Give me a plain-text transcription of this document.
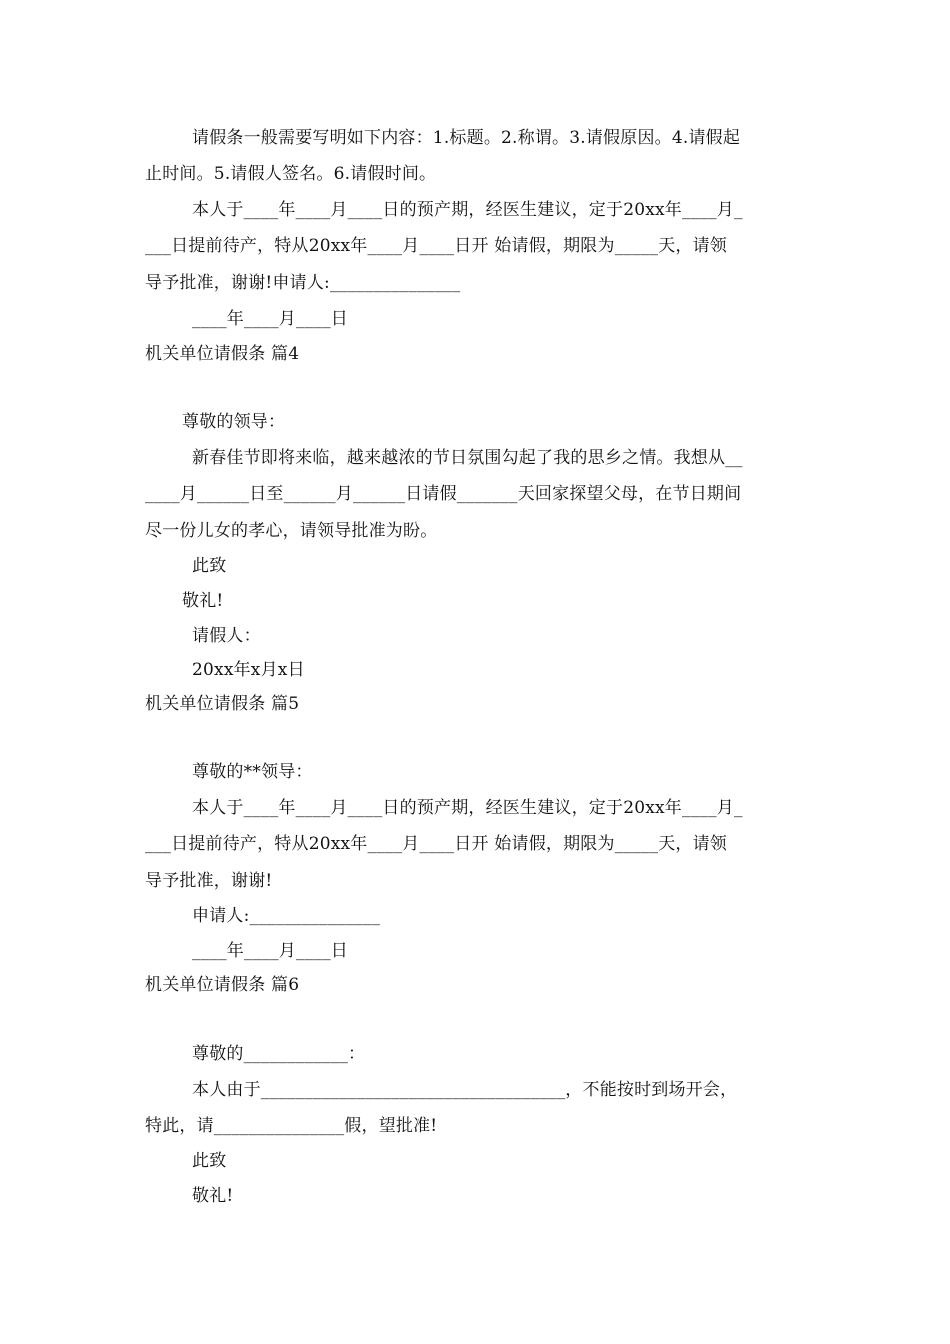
请假条一般需要写明如下内容：1.标题。2.称谓。3.请假原因。4.请假起
止时间。5.请假人签名。6.请假时间。
本人于____年____月____日的预产期，经医生建议，定于20xx年____月_
___日提前待产，特从20xx年____月____日开 始请假，期限为_____天，请领
导予批准，谢谢!申请人:_______________
____年____月____日
机关单位请假条 篇4
尊敬的领导：
新春佳节即将来临，越来越浓的节日氛围勾起了我的思乡之情。我想从__
____月______日至______月______日请假_______天回家探望父母，在节日期间
尽一份儿女的孝心，请领导批准为盼。
此致
敬礼!
请假人：
20xx年x月x日
机关单位请假条 篇5
尊敬的**领导：
本人于____年____月____日的预产期，经医生建议，定于20xx年____月_
___日提前待产，特从20xx年____月____日开 始请假，期限为_____天，请领
导予批准，谢谢!
申请人:_______________
____年____月____日
机关单位请假条 篇6
尊敬的____________：
本人由于___________________________________，不能按时到场开会，
特此，请_______________假，望批准!
此致
敬礼!
